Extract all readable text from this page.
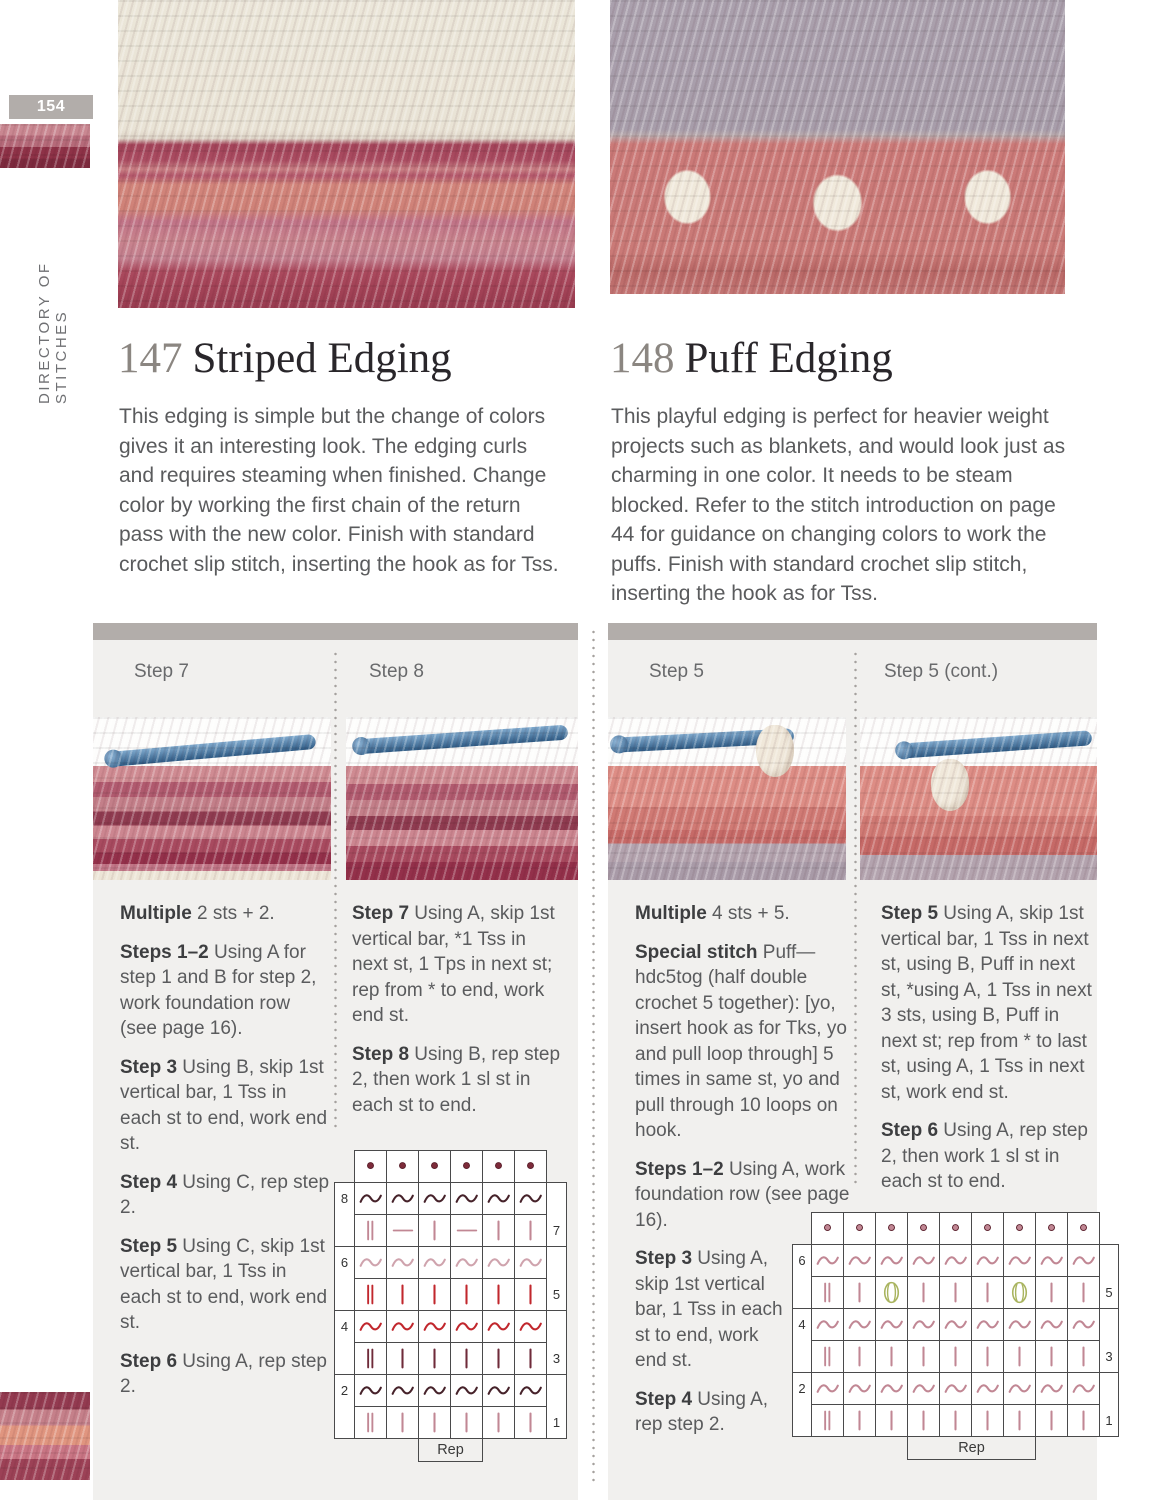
154
DIRECTORY OF STITCHES 147 Striped Edging

This edging is simple but the change of colors gives it an interesting look. The edging curls and requires steaming when finished. Change color by working the first chain of the return pass with the new color. Finish with standard crochet slip stitch, inserting the hook as for Tss.

Step 7	Step 8

Multiple 2 sts + 2.

Steps 1–2 Using A for step 1 and B for step 2, work foundation row (see page 16).

Step 3 Using B, skip 1st vertical bar, 1 Tss in each st to end, work end st.

Step 4 Using C, rep step 2.

Step 5 Using C, skip 1st vertical bar, 1 Tss in each st to end, work end st.

Step 6 Using A, rep step 2.

Step 7 Using A, skip 1st vertical bar, *1 Tss in next st, 1 Tps in next st; rep from * to end, work end st.

Step 8 Using B, rep step 2, then work 1 sl st in each st to end.

8
7
6
5
4
3
2
1
Rep
148 Puff Edging

This playful edging is perfect for heavier weight projects such as blankets, and would look just as charming in one color. It needs to be steam blocked. Refer to the stitch introduction on page 44 for guidance on changing colors to work the puffs. Finish with standard crochet slip stitch, inserting the hook as for Tss.

Step 5	Step 5 (cont.)

Multiple 4 sts + 5.

Special stitch Puff—hdc5tog (half double crochet 5 together): [yo, insert hook as for Tks, yo and pull loop through] 5 times in same st, yo and pull through 10 loops on hook.

Steps 1–2 Using A, work foundation row (see page 16).

Step 3 Using A, skip 1st vertical bar, 1 Tss in each st to end, work end st.

Step 4 Using A, rep step 2.

Step 5 Using A, skip 1st vertical bar, 1 Tss in next st, using B, Puff in next st, *using A, 1 Tss in next 3 sts, using B, Puff in next st; rep from * to last st, using A, 1 Tss in next st, work end st.

Step 6 Using A, rep step 2, then work 1 sl st in each st to end.

6
5
4
3
2
1
Rep
